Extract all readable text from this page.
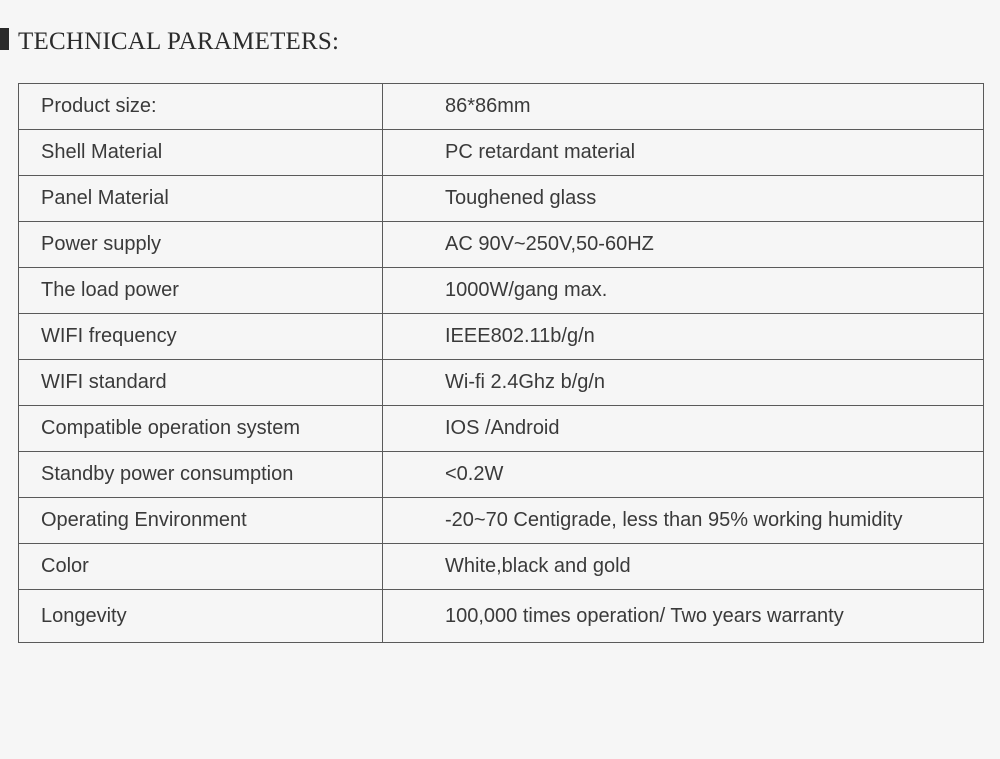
TECHNICAL PARAMETERS:
Product size:	86*86mm
Shell Material	PC retardant material
Panel Material	Toughened glass
Power supply	AC 90V~250V,50-60HZ
The load power	1000W/gang max.
WIFI frequency	IEEE802.11b/g/n
WIFI standard	Wi-fi 2.4Ghz b/g/n
Compatible operation system	IOS /Android
Standby power consumption	<0.2W
Operating Environment	-20~70 Centigrade, less than 95% working humidity
Color	White,black and gold
Longevity	100,000 times operation/ Two years warranty
